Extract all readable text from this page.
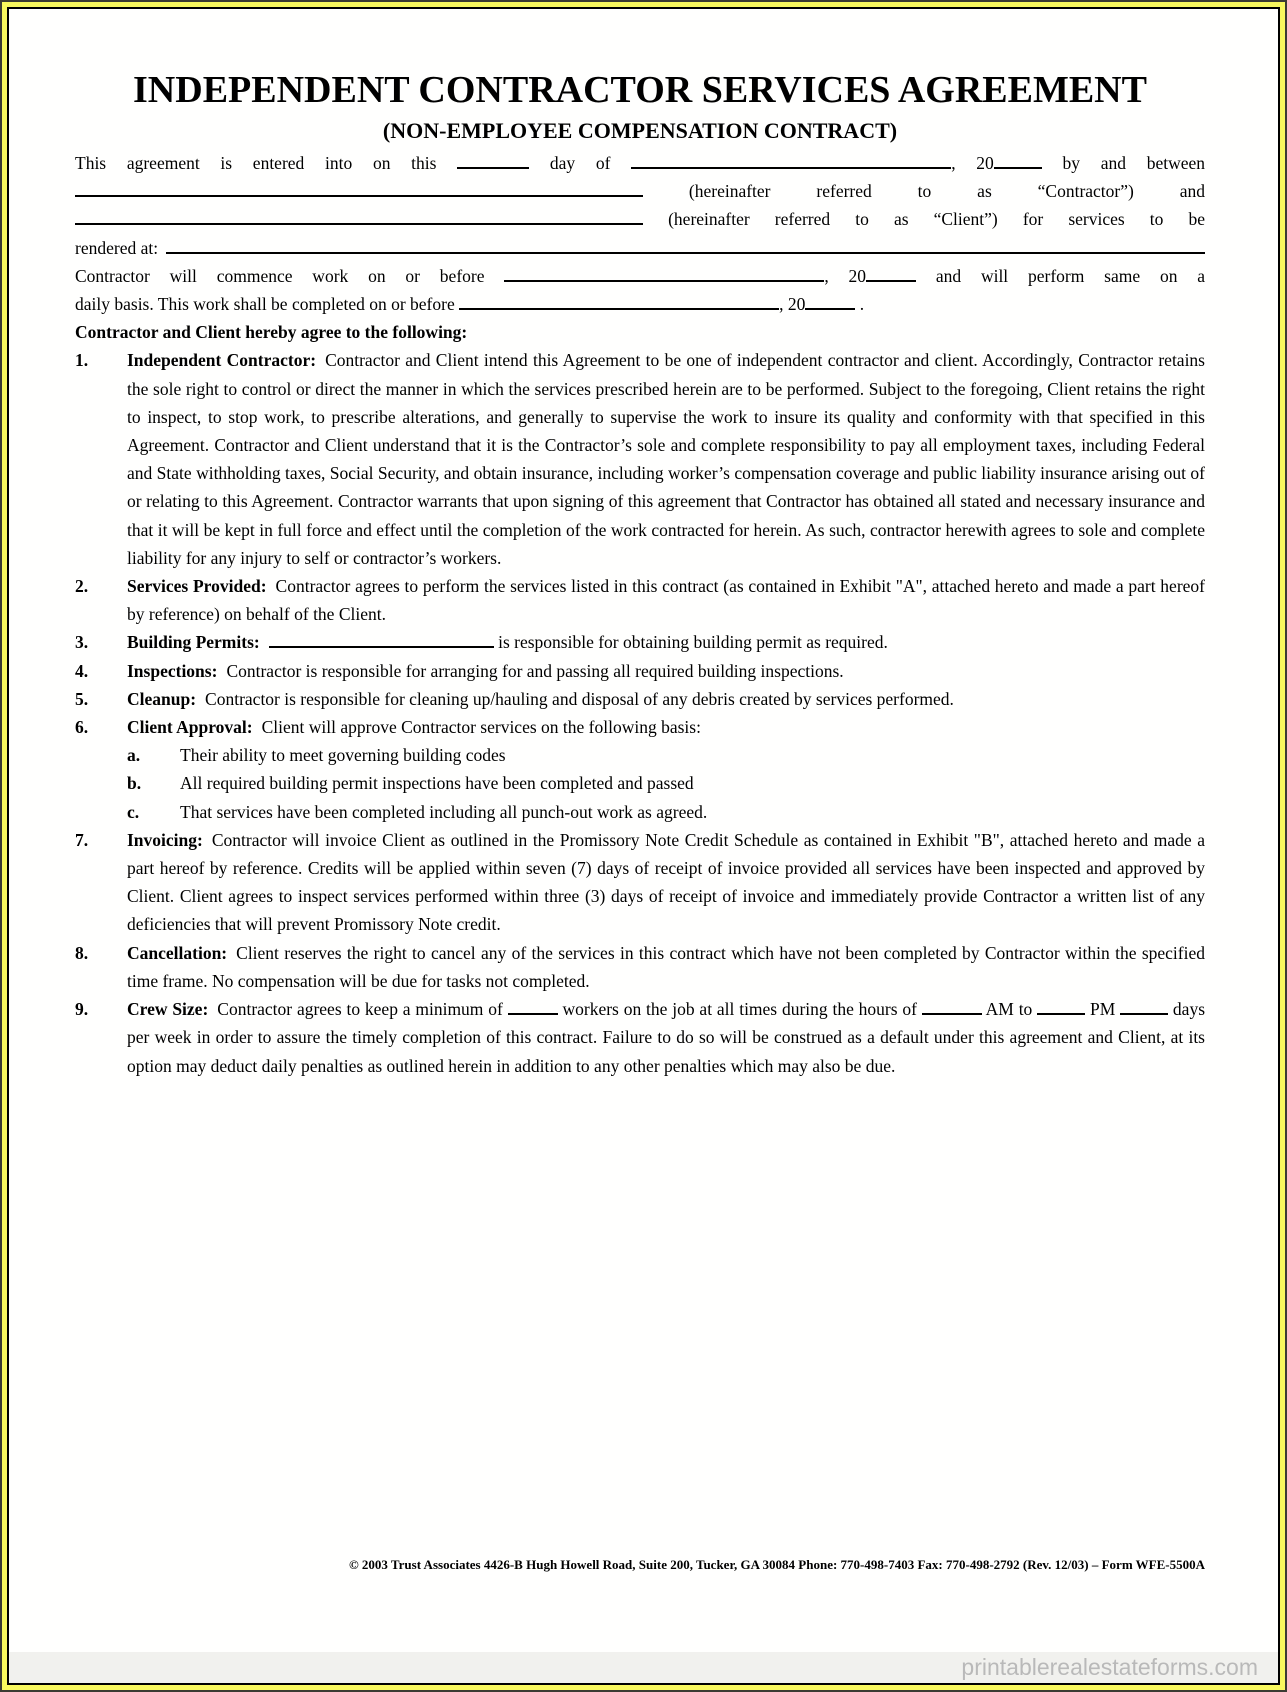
INDEPENDENT CONTRACTOR SERVICES AGREEMENT
(NON-EMPLOYEE COMPENSATION CONTRACT)
This agreement is entered into on this	day of	, 20	by and between
(hereinafter referred to as “Contractor”) and
(hereinafter referred to as “Client”) for services to be
rendered at:
Contractor will commence work on or before	, 20	and will perform same on a
daily basis. This work shall be completed on or before	, 20	.
Contractor and Client hereby agree to the following:
1.	Independent Contractor: Contractor and Client intend this Agreement to be one of independent contractor and client. Accordingly, Contractor retains the sole right to control or direct the manner in which the services prescribed herein are to be performed. Subject to the foregoing, Client retains the right to inspect, to stop work, to prescribe alterations, and generally to supervise the work to insure its quality and conformity with that specified in this Agreement. Contractor and Client understand that it is the Contractor’s sole and complete responsibility to pay all employment taxes, including Federal and State withholding taxes, Social Security, and obtain insurance, including worker’s compensation coverage and public liability insurance arising out of or relating to this Agreement. Contractor warrants that upon signing of this agreement that Contractor has obtained all stated and necessary insurance and that it will be kept in full force and effect until the completion of the work contracted for herein. As such, contractor herewith agrees to sole and complete liability for any injury to self or contractor’s workers.
2.	Services Provided: Contractor agrees to perform the services listed in this contract (as contained in Exhibit "A", attached hereto and made a part hereof by reference) on behalf of the Client.
3.	Building Permits:	is responsible for obtaining building permit as required.
4.	Inspections: Contractor is responsible for arranging for and passing all required building inspections.
5.	Cleanup: Contractor is responsible for cleaning up/hauling and disposal of any debris created by services performed.
6.	Client Approval: Client will approve Contractor services on the following basis:
a.	Their ability to meet governing building codes
b.	All required building permit inspections have been completed and passed
c.	That services have been completed including all punch-out work as agreed.
7.	Invoicing: Contractor will invoice Client as outlined in the Promissory Note Credit Schedule as contained in Exhibit "B", attached hereto and made a part hereof by reference. Credits will be applied within seven (7) days of receipt of invoice provided all services have been inspected and approved by Client. Client agrees to inspect services performed within three (3) days of receipt of invoice and immediately provide Contractor a written list of any deficiencies that will prevent Promissory Note credit.
8.	Cancellation: Client reserves the right to cancel any of the services in this contract which have not been completed by Contractor within the specified time frame. No compensation will be due for tasks not completed.
9.	Crew Size: Contractor agrees to keep a minimum of	workers on the job at all times during the hours of	AM to	PM	days per week in order to assure the timely completion of this contract. Failure to do so will be construed as a default under this agreement and Client, at its option may deduct daily penalties as outlined herein in addition to any other penalties which may also be due.
© 2003 Trust Associates 4426-B Hugh Howell Road, Suite 200, Tucker, GA 30084 Phone: 770-498-7403 Fax: 770-498-2792 (Rev. 12/03) – Form WFE-5500A
printablerealestateforms.com
